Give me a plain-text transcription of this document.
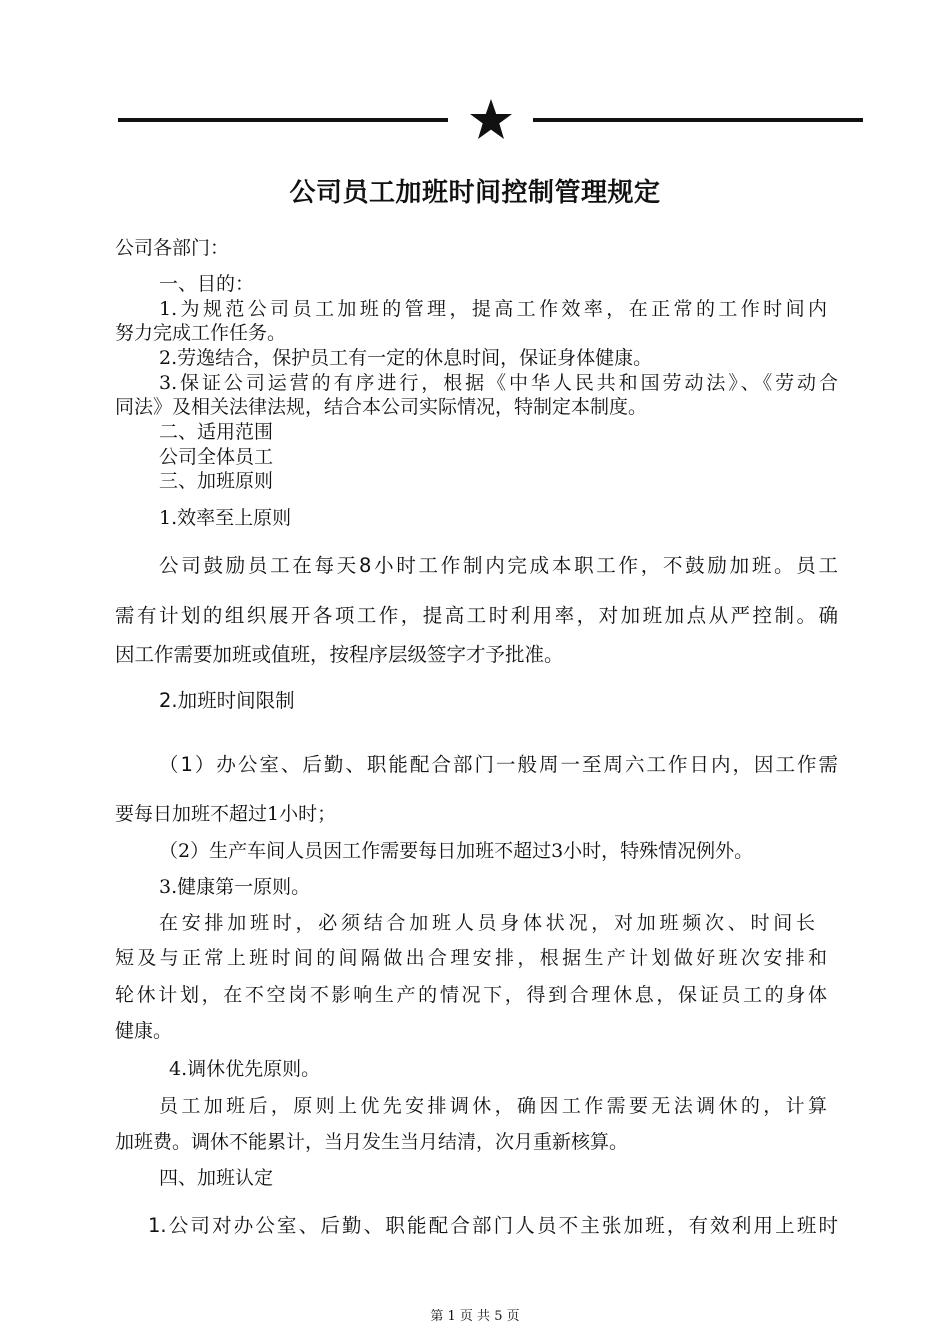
公司员工加班时间控制管理规定

公司各部门：

一、目的：

1.为规范公司员工加班的管理，提高工作效率，在正常的工作时间内

努力完成工作任务。

2.劳逸结合，保护员工有一定的休息时间，保证身体健康。

3.保证公司运营的有序进行，根据《中华人民共和国劳动法》、《劳动合

同法》及相关法律法规，结合本公司实际情况，特制定本制度。

二、适用范围

公司全体员工

三、加班原则

1.效率至上原则

公司鼓励员工在每天8小时工作制内完成本职工作，不鼓励加班。员工

需有计划的组织展开各项工作，提高工时利用率，对加班加点从严控制。确

因工作需要加班或值班，按程序层级签字才予批准。

2.加班时间限制

（1）办公室、后勤、职能配合部门一般周一至周六工作日内，因工作需

要每日加班不超过1小时；

（2）生产车间人员因工作需要每日加班不超过3小时，特殊情况例外。

3.健康第一原则。

在安排加班时，必须结合加班人员身体状况，对加班频次、时间长

短及与正常上班时间的间隔做出合理安排，根据生产计划做好班次安排和

轮休计划，在不空岗不影响生产的情况下，得到合理休息，保证员工的身体

健康。

4.调休优先原则。

员工加班后，原则上优先安排调休，确因工作需要无法调休的，计算

加班费。调休不能累计，当月发生当月结清，次月重新核算。

四、加班认定

1.公司对办公室、后勤、职能配合部门人员不主张加班，有效利用上班时

第 1 页 共 5 页
